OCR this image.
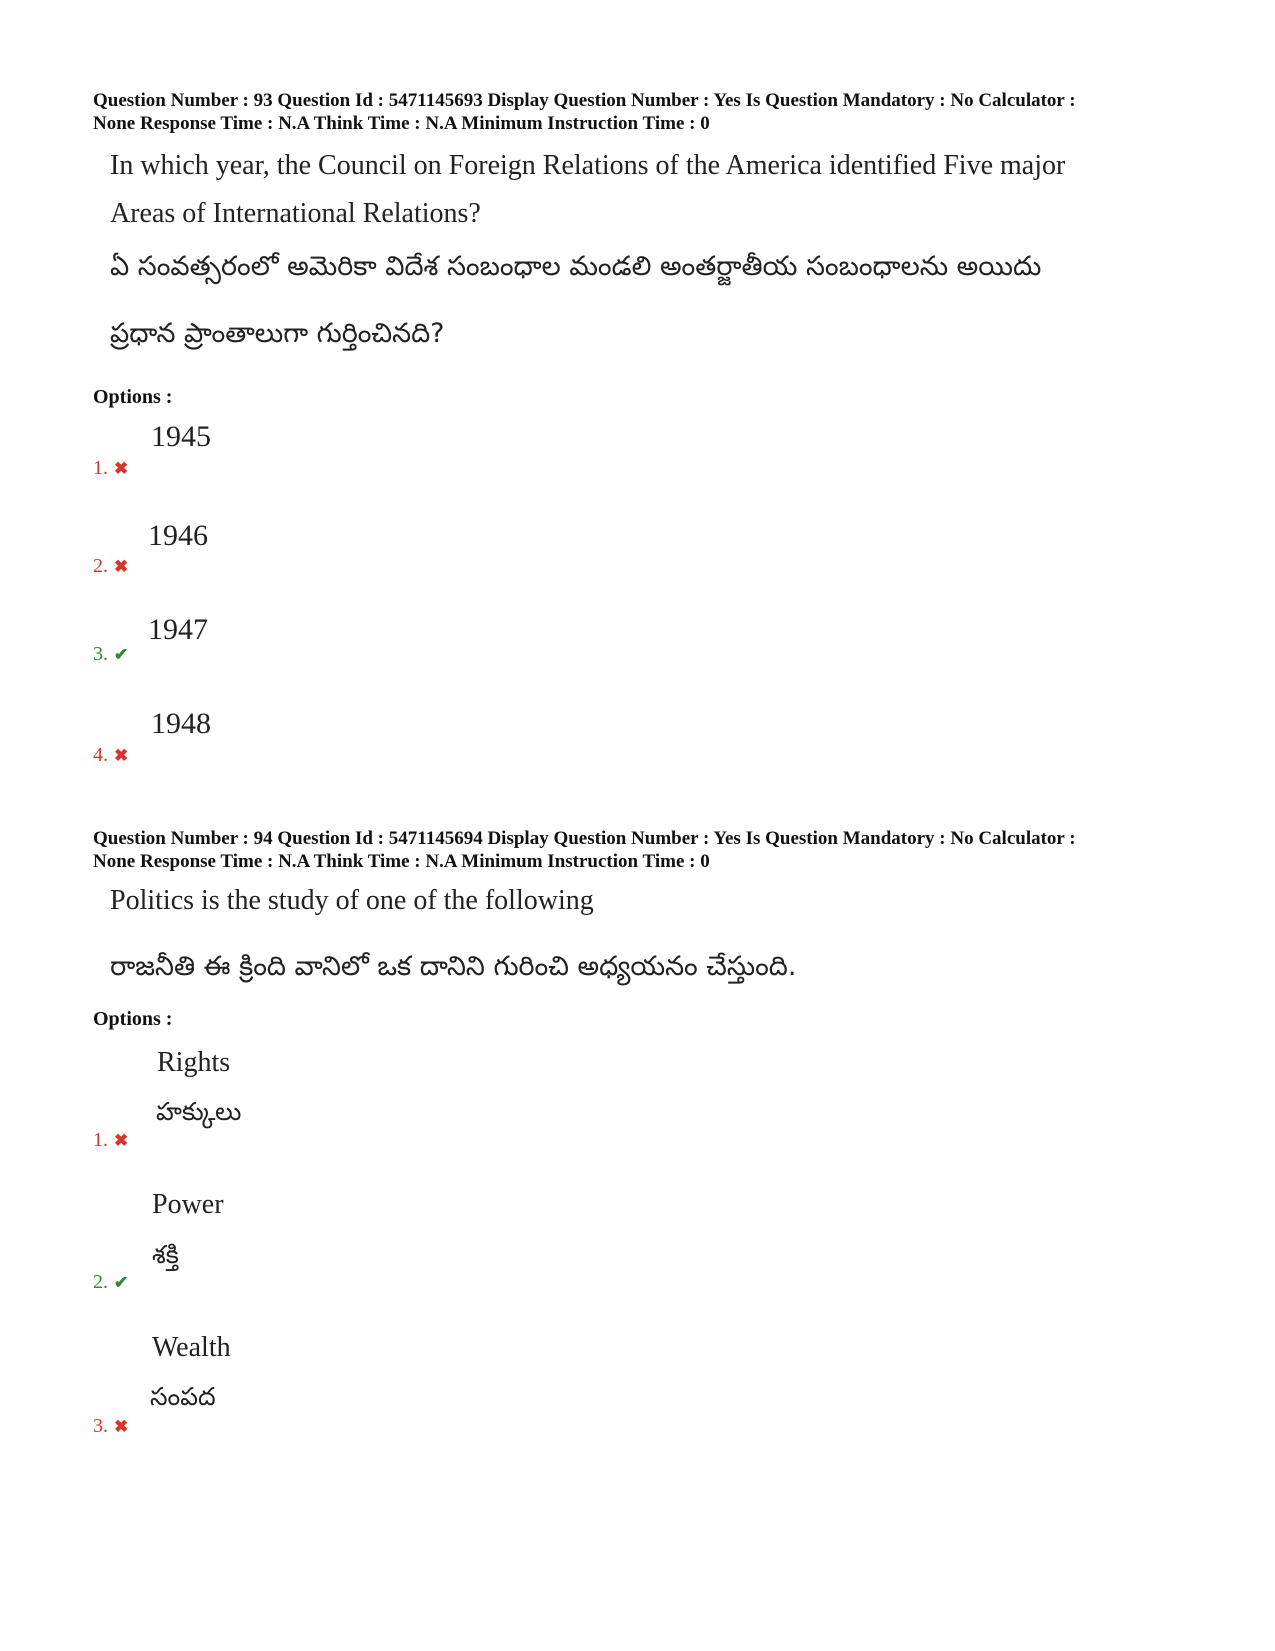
Question Number : 93 Question Id : 5471145693 Display Question Number : Yes Is Question Mandatory : No Calculator :
None Response Time : N.A Think Time : N.A Minimum Instruction Time : 0
In which year, the Council on Foreign Relations of the America identified Five major
Areas of International Relations?
ఏ సంవత్సరంలో అమెరికా విదేశ సంబంధాల మండలి అంతర్జాతీయ సంబంధాలను అయిదు
ప్రధాన ప్రాంతాలుగా గుర్తించినది?
Options :
1945
1. ✖
1946
2. ✖
1947
3. ✔
1948
4. ✖
Question Number : 94 Question Id : 5471145694 Display Question Number : Yes Is Question Mandatory : No Calculator :
None Response Time : N.A Think Time : N.A Minimum Instruction Time : 0
Politics is the study of one of the following
రాజనీతి ఈ క్రింది వానిలో ఒక దానిని గురించి అధ్యయనం చేస్తుంది.
Options :
Rights
హక్కులు
1. ✖
Power
శక్తి
2. ✔
Wealth
సంపద
3. ✖
